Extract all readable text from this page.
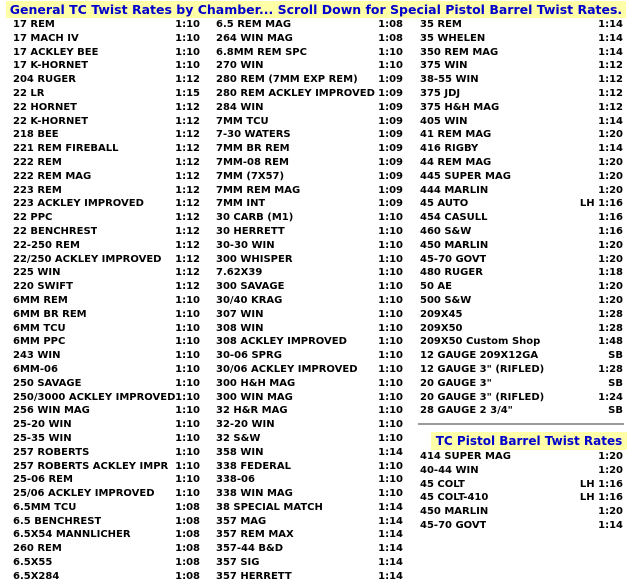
General TC Twist Rates by Chamber... Scroll Down for Special Pistol Barrel Twist Rates.
17 REM	1:10
17 MACH IV	1:10
17 ACKLEY BEE	1:10
17 K-HORNET	1:10
204 RUGER	1:12
22 LR	1:15
22 HORNET	1:12
22 K-HORNET	1:12
218 BEE	1:12
221 REM FIREBALL	1:12
222 REM	1:12
222 REM MAG	1:12
223 REM	1:12
223 ACKLEY IMPROVED	1:12
22 PPC	1:12
22 BENCHREST	1:12
22-250 REM	1:12
22/250 ACKLEY IMPROVED 1:12
225 WIN	1:12
220 SWIFT	1:12
6MM REM	1:10
6MM BR REM	1:10
6MM TCU	1:10
6MM PPC	1:10
243 WIN	1:10
6MM-06	1:10
250 SAVAGE	1:10
250/3000 ACKLEY IMPROVED 1:10
256 WIN MAG	1:10
25-20 WIN	1:10
25-35 WIN	1:10
257 ROBERTS	1:10
257 ROBERTS ACKLEY IMPR 1:10
25-06 REM	1:10
25/06 ACKLEY IMPROVED 1:10
6.5MM TCU	1:08
6.5 BENCHREST	1:08
6.5X54 MANNLICHER	1:08
260 REM	1:08
6.5X55	1:08
6.5X284	1:08
6.5 REM MAG	1:08
264 WIN MAG	1:08
6.8MM REM SPC	1:10
270 WIN	1:10
280 REM (7MM EXP REM) 1:09
280 REM ACKLEY IMPROVED 1:09
284 WIN	1:09
7MM TCU	1:09
7-30 WATERS	1:09
7MM BR REM	1:09
7MM-08 REM	1:09
7MM (7X57)	1:09
7MM REM MAG	1:09
7MM INT	1:09
30 CARB (M1)	1:10
30 HERRETT	1:10
30-30 WIN	1:10
300 WHISPER	1:10
7.62X39	1:10
300 SAVAGE	1:10
30/40 KRAG	1:10
307 WIN	1:10
308 WIN	1:10
308 ACKLEY IMPROVED	1:10
30-06 SPRG	1:10
30/06 ACKLEY IMPROVED 1:10
300 H&H MAG	1:10
300 WIN MAG	1:10
32 H&R MAG	1:10
32-20 WIN	1:10
32 S&W	1:10
358 WIN	1:14
338 FEDERAL	1:10
338-06	1:10
338 WIN MAG	1:10
38 SPECIAL MATCH	1:14
357 MAG	1:14
357 REM MAX	1:14
357-44 B&D	1:14
357 SIG	1:14
357 HERRETT	1:14
35 REM	1:14
35 WHELEN	1:14
350 REM MAG	1:14
375 WIN	1:12
38-55 WIN	1:12
375 JDJ	1:12
375 H&H MAG	1:12
405 WIN	1:14
41 REM MAG	1:20
416 RIGBY	1:14
44 REM MAG	1:20
445 SUPER MAG	1:20
444 MARLIN	1:20
45 AUTO	LH 1:16
454 CASULL	1:16
460 S&W	1:16
450 MARLIN	1:20
45-70 GOVT	1:20
480 RUGER	1:18
50 AE	1:20
500 S&W	1:20
209X45	1:28
209X50	1:28
209X50 Custom Shop	1:48
12 GAUGE 209X12GA	SB
12 GAUGE 3" (RIFLED)	1:28
20 GAUGE 3"	SB
20 GAUGE 3" (RIFLED)	1:24
28 GAUGE 2 3/4"	SB
TC Pistol Barrel Twist Rates
414 SUPER MAG	1:20
40-44 WIN	1:20
45 COLT	LH 1:16
45 COLT-410	LH 1:16
450 MARLIN	1:20
45-70 GOVT	1:14
